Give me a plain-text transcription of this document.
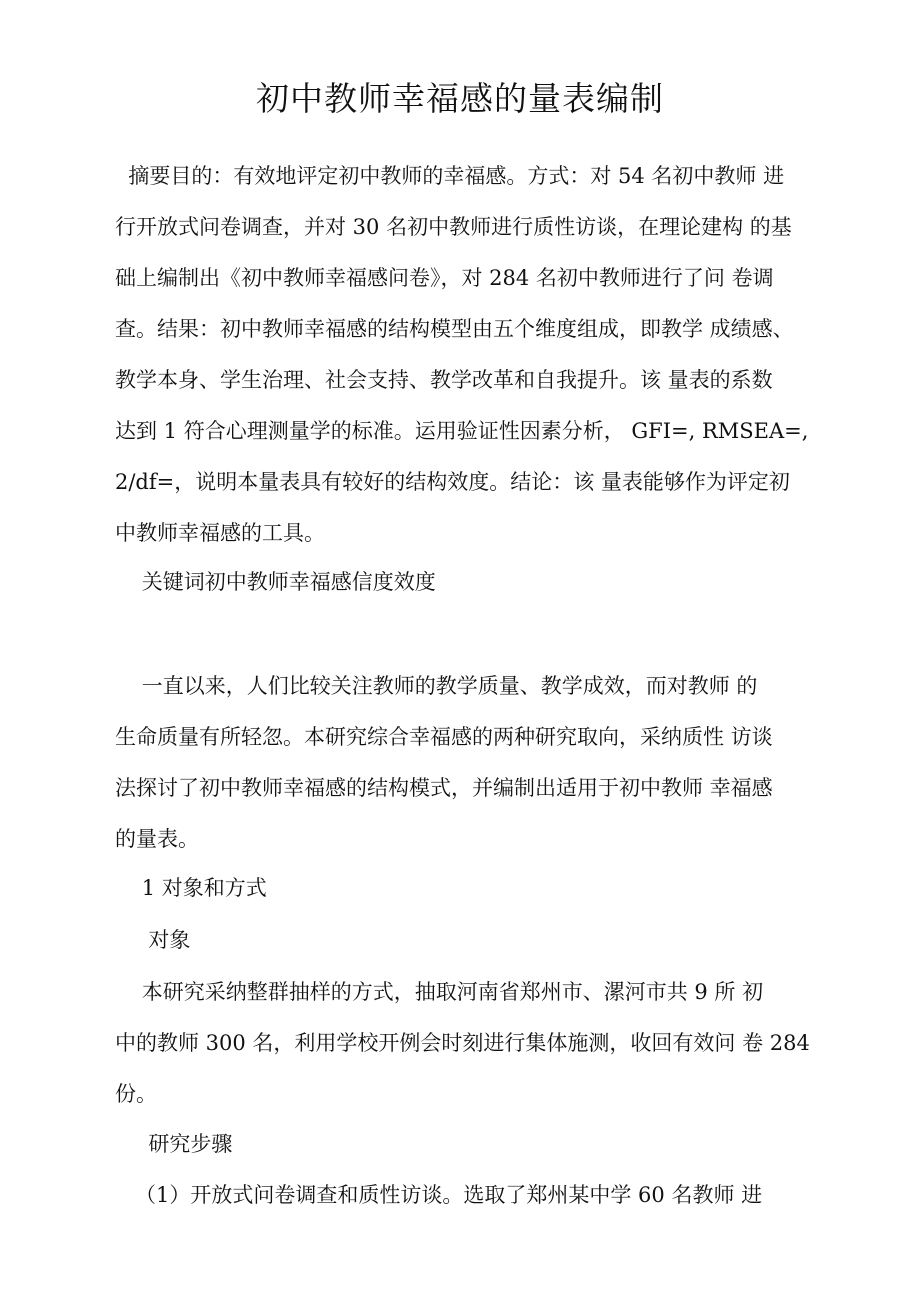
初中教师幸福感的量表编制
摘要目的：有效地评定初中教师的幸福感。方式：对 54 名初中教师 进
行开放式问卷调查，并对 30 名初中教师进行质性访谈，在理论建构 的基
础上编制出《初中教师幸福感问卷》，对 284 名初中教师进行了问 卷调
查。结果：初中教师幸福感的结构模型由五个维度组成，即教学 成绩感、
教学本身、学生治理、社会支持、教学改革和自我提升。该 量表的系数
达到 1 符合心理测量学的标准。运用验证性因素分析， GFI=, RMSEA=,
2/df=，说明本量表具有较好的结构效度。结论：该 量表能够作为评定初
中教师幸福感的工具。
关键词初中教师幸福感信度效度
一直以来，人们比较关注教师的教学质量、教学成效，而对教师 的
生命质量有所轻忽。本研究综合幸福感的两种研究取向，采纳质性 访谈
法探讨了初中教师幸福感的结构模式，并编制出适用于初中教师 幸福感
的量表。
1 对象和方式
对象
本研究采纳整群抽样的方式，抽取河南省郑州市、漯河市共 9 所 初
中的教师 300 名，利用学校开例会时刻进行集体施测，收回有效问 卷 284
份。
研究步骤
（1）开放式问卷调查和质性访谈。选取了郑州某中学 60 名教师 进
